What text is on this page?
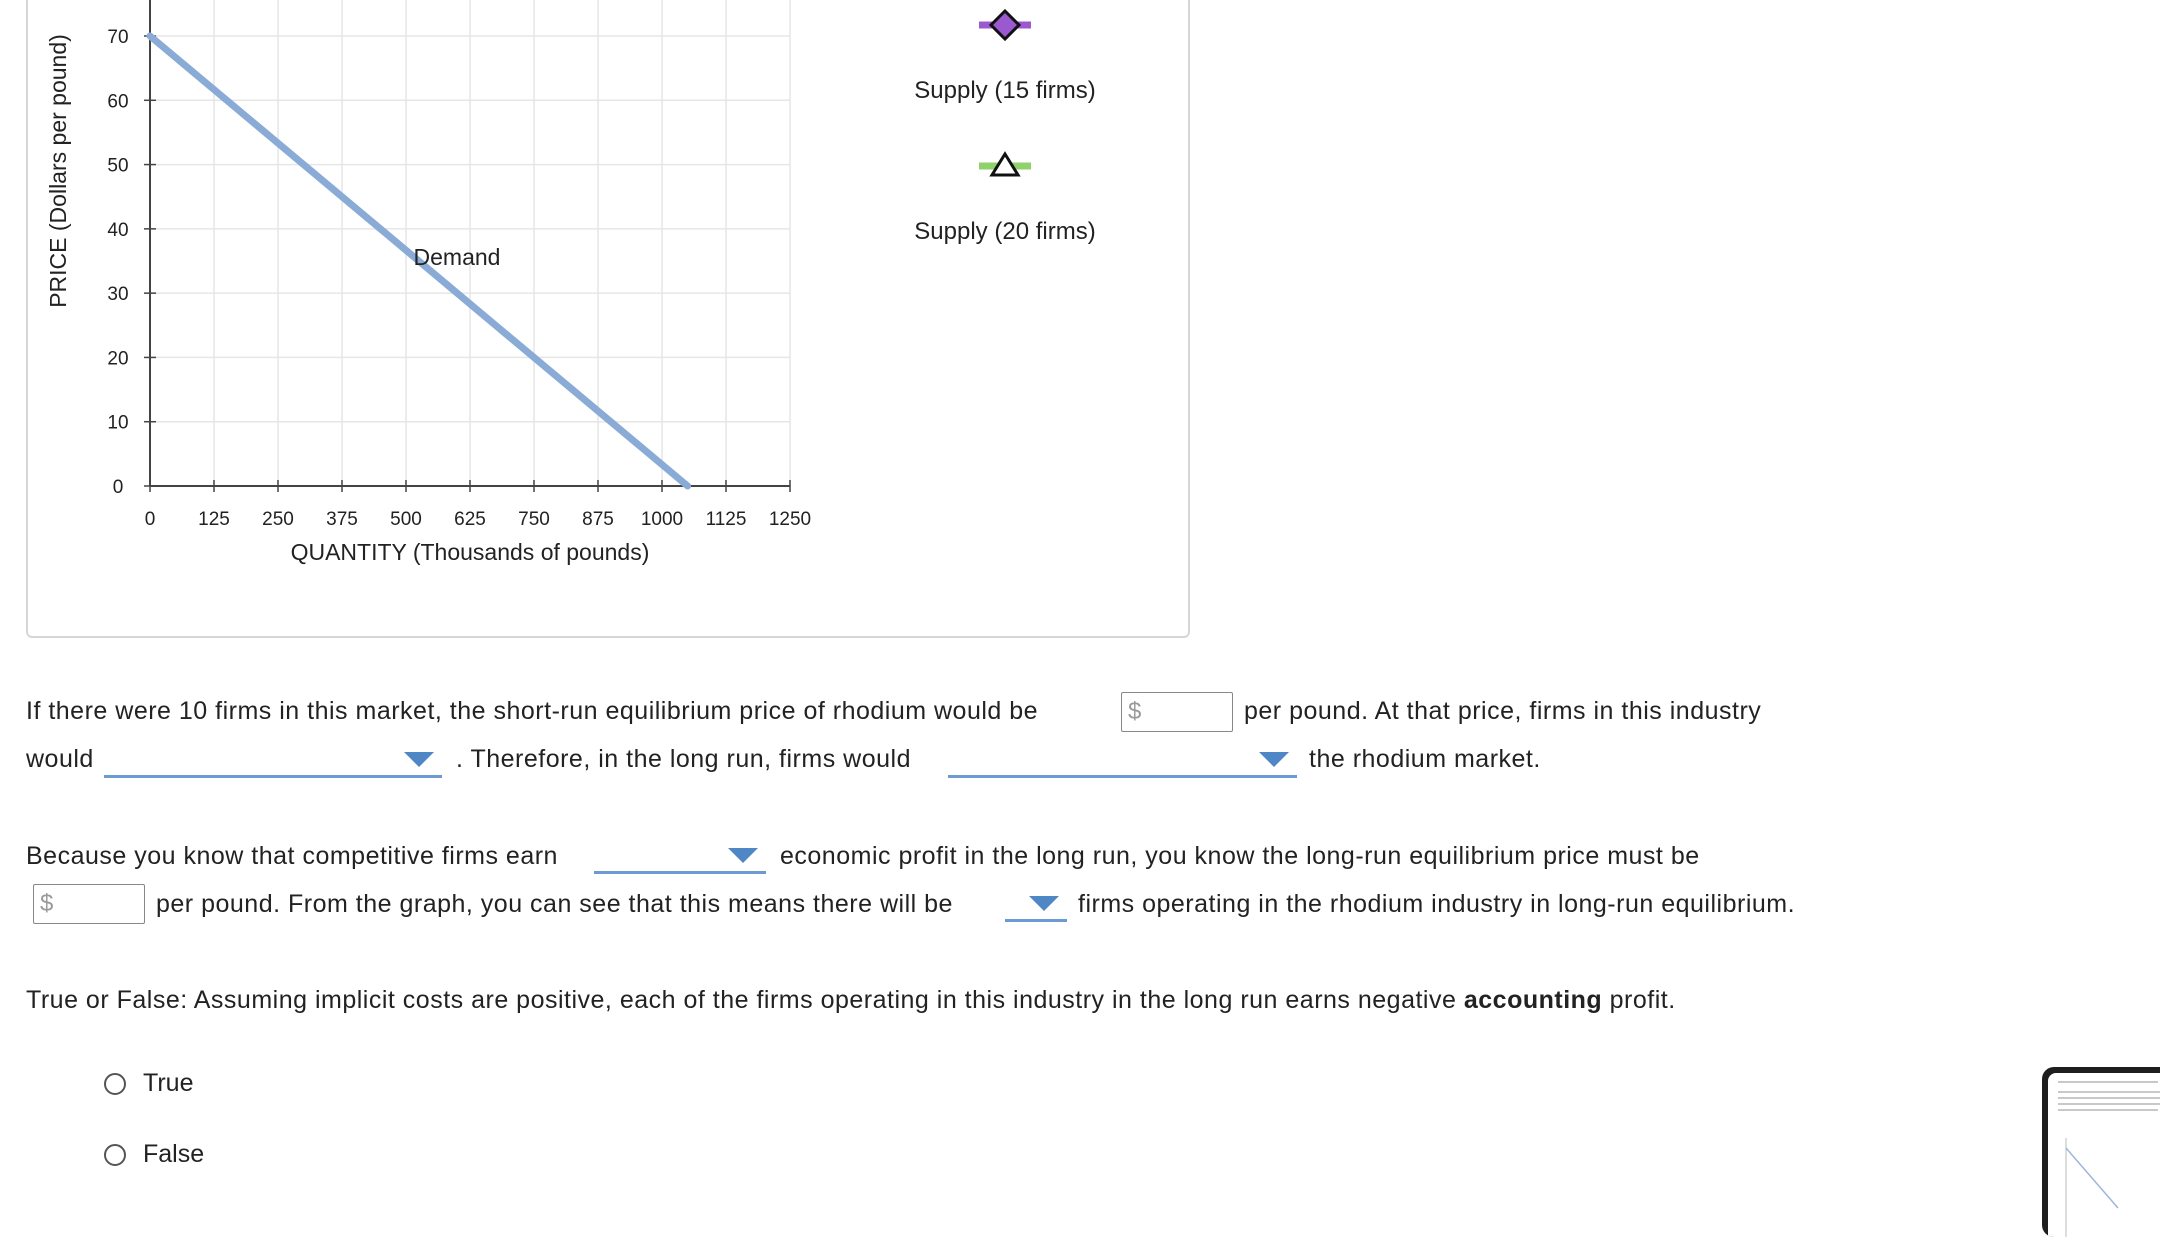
0 125 250 375 500 625 750 875 1000 1125 1250
0
10
20
30
40
50
60
70
QUANTITY (Thousands of pounds)
PRICE (Dollars per pound)	Demand
Supply (15 firms)
Supply (20 firms)
If there were 10 firms in this market, the short-run equilibrium price of rhodium would be	$	per pound. At that price, firms in this industry
would	. Therefore, in the long run, firms would	the rhodium market.
Because you know that competitive firms earn	economic profit in the long run, you know the long-run equilibrium price must be
$	per pound. From the graph, you can see that this means there will be	firms operating in the rhodium industry in long-run equilibrium.
True or False: Assuming implicit costs are positive, each of the firms operating in this industry in the long run earns negative accounting profit.
True
False
